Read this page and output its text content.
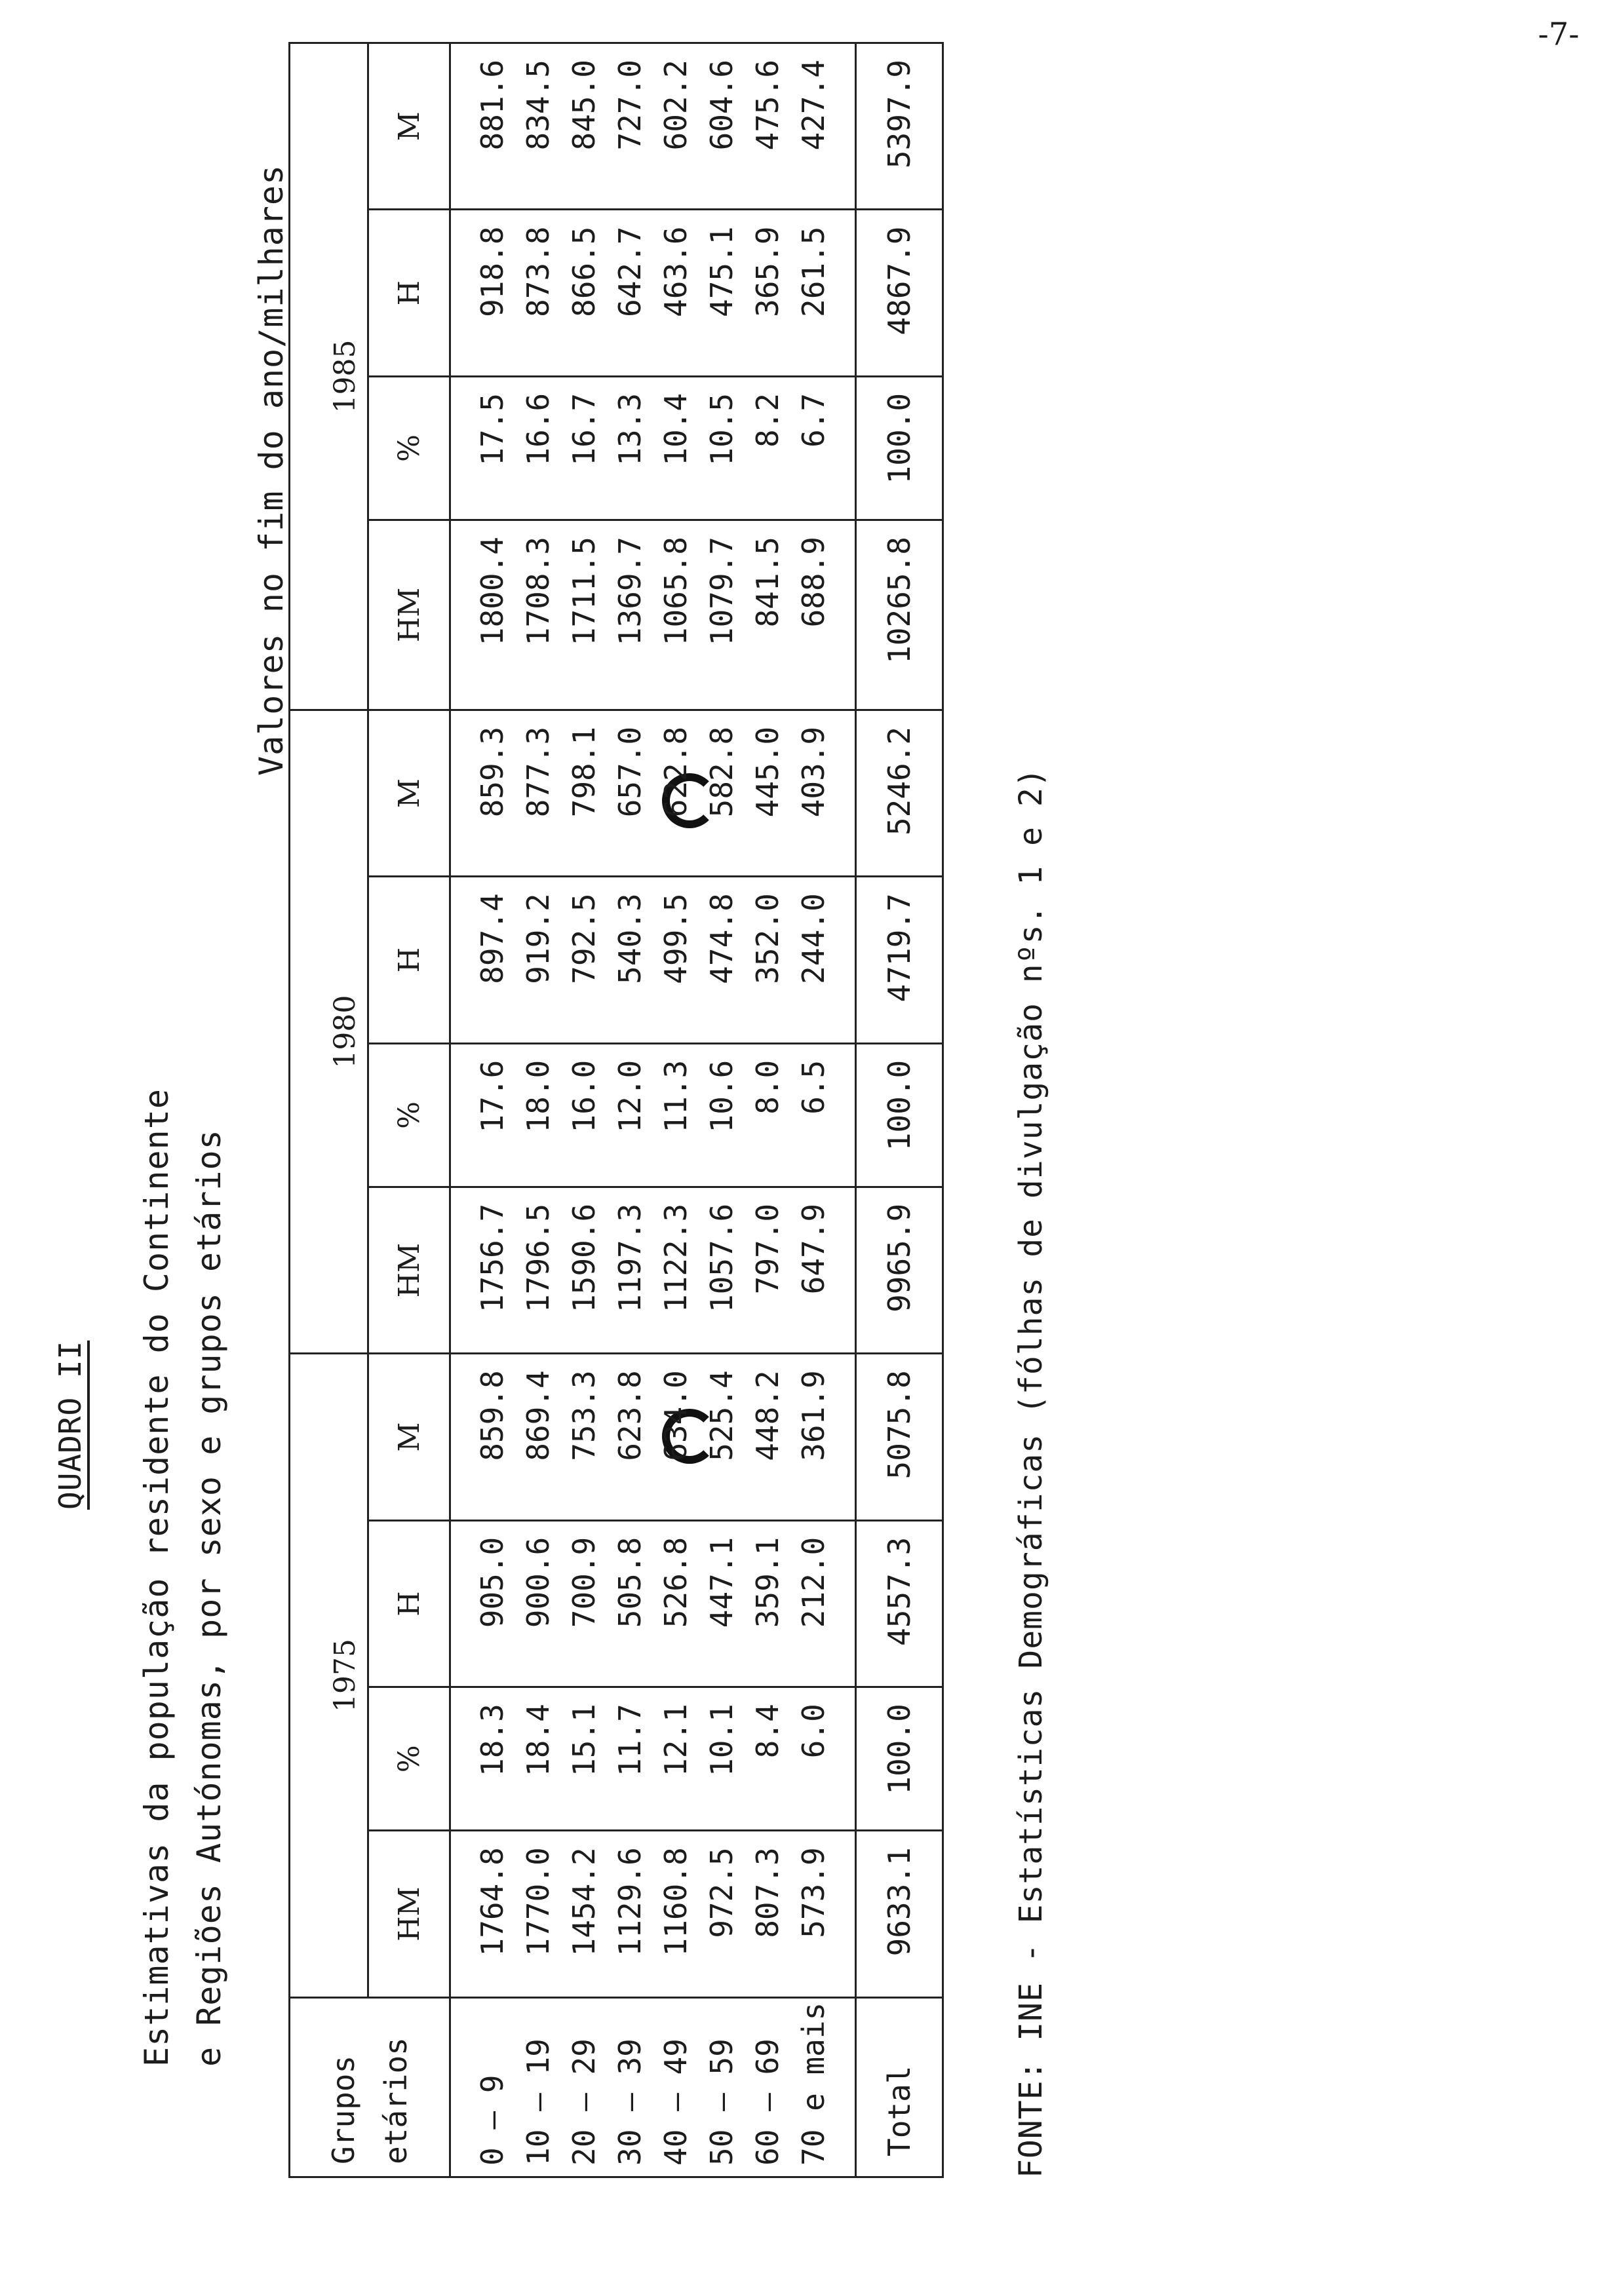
QUADRO II Estimativas da população residente do Continente e Regiões Autónomas, por sexo e grupos etários
Valores no fim do ano/milhares
Grupos etários	1975				1980				1985			
	HM	%	H	M	HM	%	H	M	HM	%	H	M
0 – 9	1764.8	18.3	905.0	859.8	1756.7	17.6	897.4	859.3	1800.4	17.5	918.8	881.6
10 – 19	1770.0	18.4	900.6	869.4	1796.5	18.0	919.2	877.3	1708.3	16.6	873.8	834.5
20 – 29	1454.2	15.1	700.9	753.3	1590.6	16.0	792.5	798.1	1711.5	16.7	866.5	845.0
30 – 39	1129.6	11.7	505.8	623.8	1197.3	12.0	540.3	657.0	1369.7	13.3	642.7	727.0
40 – 49	1160.8	12.1	526.8	634.0	1122.3	11.3	499.5	622.8	1065.8	10.4	463.6	602.2
50 – 59	972.5	10.1	447.1	525.4	1057.6	10.6	474.8	582.8	1079.7	10.5	475.1	604.6
60 – 69	807.3	8.4	359.1	448.2	797.0	8.0	352.0	445.0	841.5	8.2	365.9	475.6
70 e mais	573.9	6.0	212.0	361.9	647.9	6.5	244.0	403.9	688.9	6.7	261.5	427.4
Total	9633.1	100.0	4557.3	5075.8	9965.9	100.0	4719.7	5246.2	10265.8	100.0	4867.9	5397.9
FONTE: INE - Estatísticas Demográficas (fólhas de divulgação nºs. 1 e 2)
-7-
